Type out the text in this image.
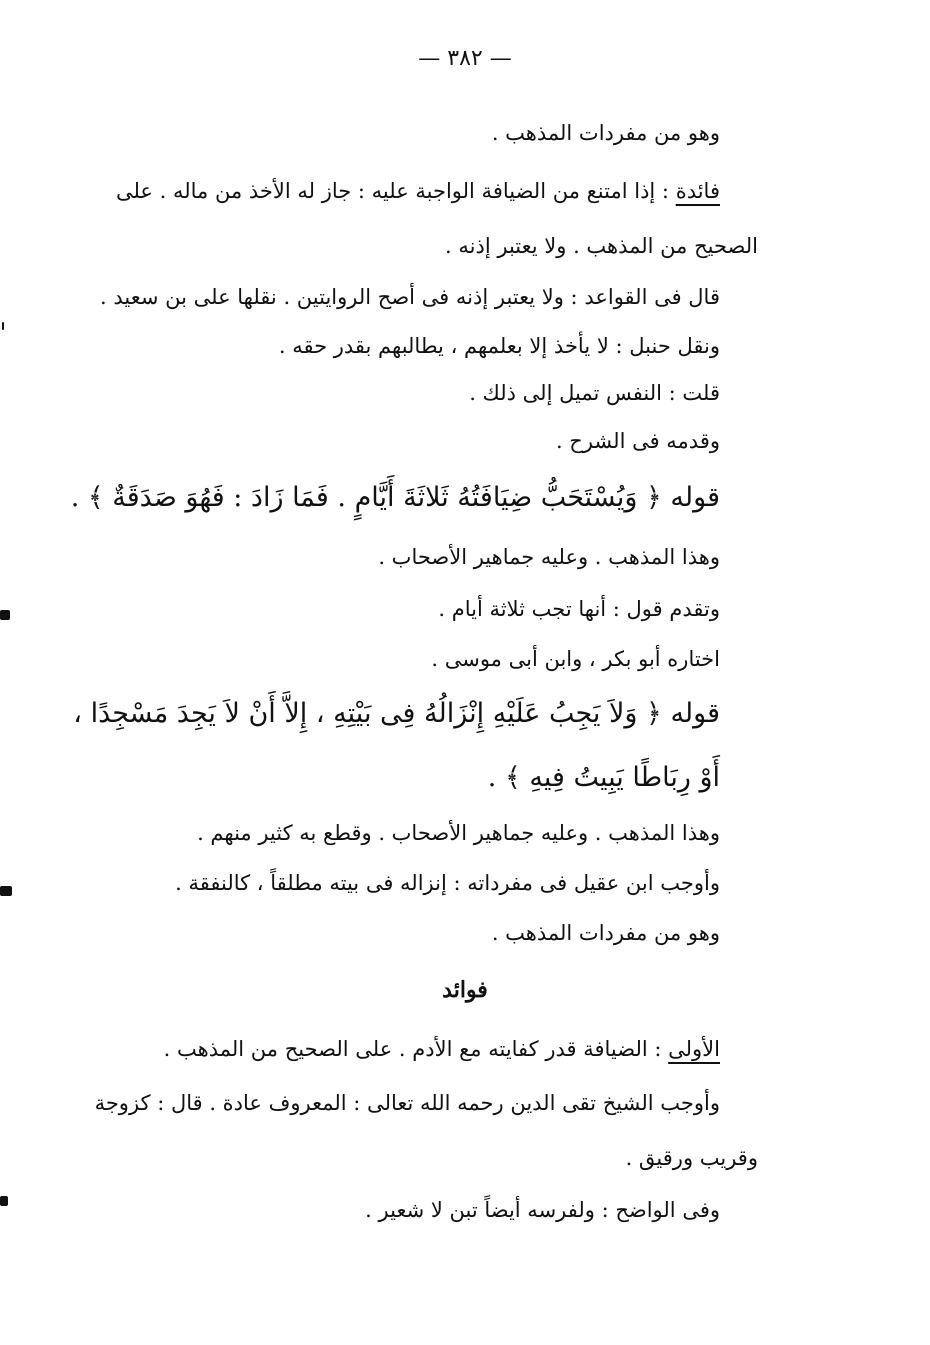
— ٣٨٢ —
وهو من مفردات المذهب .
فائدة : إذا امتنع من الضيافة الواجبة عليه : جاز له الأخذ من ماله . على
الصحيح من المذهب . ولا يعتبر إذنه .
قال فى القواعد : ولا يعتبر إذنه فى أصح الروايتين . نقلها على بن سعيد .
ونقل حنبل : لا يأخذ إلا بعلمهم ، يطالبهم بقدر حقه .
قلت : النفس تميل إلى ذلك .
وقدمه فى الشرح .
قوله ﴿ وَيُسْتَحَبُّ ضِيَافَتُهُ ثَلاثَةَ أَيَّامٍ . فَمَا زَادَ : فَهُوَ صَدَقَةٌ ﴾ .
وهذا المذهب . وعليه جماهير الأصحاب .
وتقدم قول : أنها تجب ثلاثة أيام .
اختاره أبو بكر ، وابن أبى موسى .
قوله ﴿ وَلاَ يَجِبُ عَلَيْهِ إِنْزَالُهُ فِى بَيْتِهِ ، إِلاَّ أَنْ لاَ يَجِدَ مَسْجِدًا ،
أَوْ رِبَاطًا يَبِيتُ فِيهِ ﴾ .
وهذا المذهب . وعليه جماهير الأصحاب . وقطع به كثير منهم .
وأوجب ابن عقيل فى مفرداته : إنزاله فى بيته مطلقاً ، كالنفقة .
وهو من مفردات المذهب .
فوائد
الأولى : الضيافة قدر كفايته مع الأدم . على الصحيح من المذهب .
وأوجب الشيخ تقى الدين رحمه الله تعالى : المعروف عادة . قال : كزوجة
وقريب ورقيق .
وفى الواضح : ولفرسه أيضاً تبن لا شعير .
